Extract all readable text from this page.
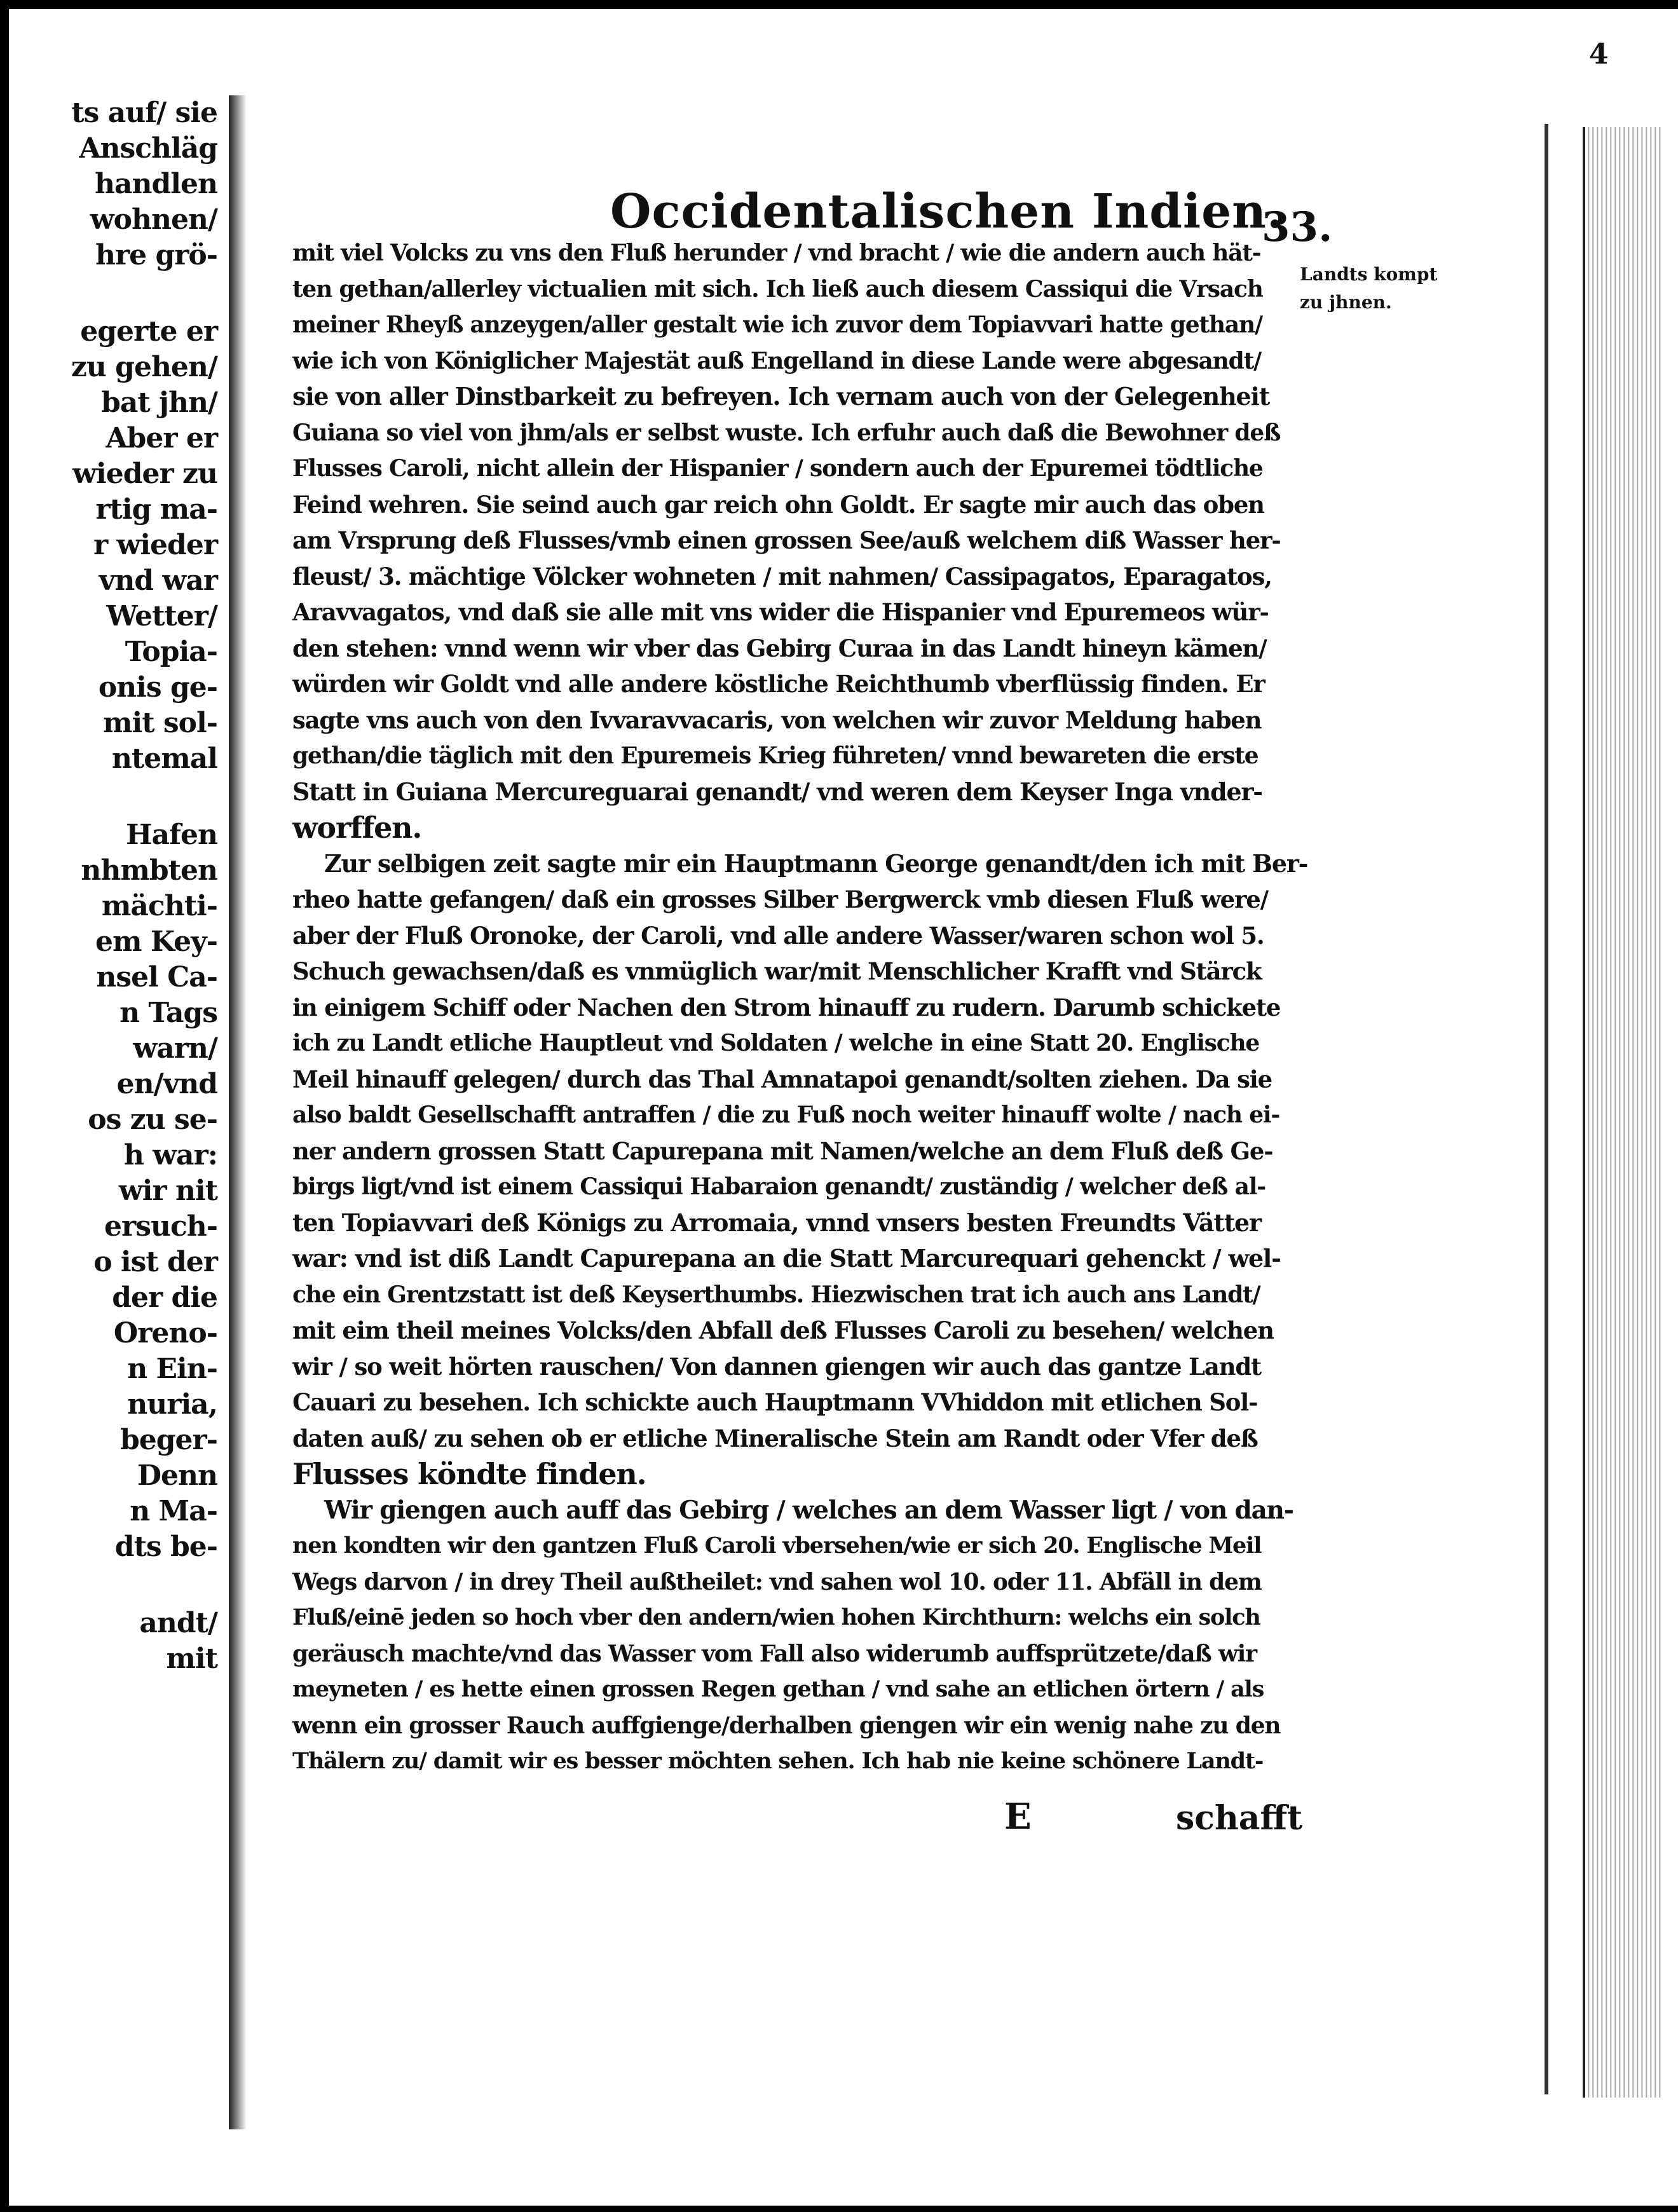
ts auf/ sie
Anschläg
handlen
wohnen/
hre grö-
egerte er
zu gehen/
bat jhn/
Aber er
wieder zu
rtig ma-
r wieder
vnd war
Wetter/
Topia-
onis ge-
mit sol-
ntemal
Hafen
nhmbten
mächti-
em Key-
nsel Ca-
n Tags
warn/
en/vnd
os zu se-
h war:
wir nit
ersuch-
o ist der
der die
Oreno-
n Ein-
nuria,
beger-
Denn
n Ma-
dts be-
andt/
mit
4
Occidentalischen Indien.
33.
Landts kompt
zu jhnen.
mit viel Volcks zu vns den Fluß herunder / vnd bracht / wie die andern auch hät-
ten gethan/allerley victualien mit sich. Ich ließ auch diesem Cassiqui die Vrsach
meiner Rheyß anzeygen/aller gestalt wie ich zuvor dem Topiavvari hatte gethan/
wie ich von Königlicher Majestät auß Engelland in diese Lande were abgesandt/
sie von aller Dinstbarkeit zu befreyen. Ich vernam auch von der Gelegenheit
Guiana so viel von jhm/als er selbst wuste. Ich erfuhr auch daß die Bewohner deß
Flusses Caroli, nicht allein der Hispanier / sondern auch der Epuremei tödtliche
Feind wehren. Sie seind auch gar reich ohn Goldt. Er sagte mir auch das oben
am Vrsprung deß Flusses/vmb einen grossen See/auß welchem diß Wasser her-
fleust/ 3. mächtige Völcker wohneten / mit nahmen/ Cassipagatos, Eparagatos,
Aravvagatos, vnd daß sie alle mit vns wider die Hispanier vnd Epuremeos wür-
den stehen: vnnd wenn wir vber das Gebirg Curaa in das Landt hineyn kämen/
würden wir Goldt vnd alle andere köstliche Reichthumb vberflüssig finden. Er
sagte vns auch von den Ivvaravvacaris, von welchen wir zuvor Meldung haben
gethan/die täglich mit den Epuremeis Krieg führeten/ vnnd bewareten die erste
Statt in Guiana Mercureguarai genandt/ vnd weren dem Keyser Inga vnder-
worffen.
Zur selbigen zeit sagte mir ein Hauptmann George genandt/den ich mit Ber-
rheo hatte gefangen/ daß ein grosses Silber Bergwerck vmb diesen Fluß were/
aber der Fluß Oronoke, der Caroli, vnd alle andere Wasser/waren schon wol 5.
Schuch gewachsen/daß es vnmüglich war/mit Menschlicher Krafft vnd Stärck
in einigem Schiff oder Nachen den Strom hinauff zu rudern. Darumb schickete
ich zu Landt etliche Hauptleut vnd Soldaten / welche in eine Statt 20. Englische
Meil hinauff gelegen/ durch das Thal Amnatapoi genandt/solten ziehen. Da sie
also baldt Gesellschafft antraffen / die zu Fuß noch weiter hinauff wolte / nach ei-
ner andern grossen Statt Capurepana mit Namen/welche an dem Fluß deß Ge-
birgs ligt/vnd ist einem Cassiqui Habaraion genandt/ zuständig / welcher deß al-
ten Topiavvari deß Königs zu Arromaia, vnnd vnsers besten Freundts Vätter
war: vnd ist diß Landt Capurepana an die Statt Marcurequari gehenckt / wel-
che ein Grentzstatt ist deß Keyserthumbs. Hiezwischen trat ich auch ans Landt/
mit eim theil meines Volcks/den Abfall deß Flusses Caroli zu besehen/ welchen
wir / so weit hörten rauschen/ Von dannen giengen wir auch das gantze Landt
Cauari zu besehen. Ich schickte auch Hauptmann VVhiddon mit etlichen Sol-
daten auß/ zu sehen ob er etliche Mineralische Stein am Randt oder Vfer deß
Flusses köndte finden.
Wir giengen auch auff das Gebirg / welches an dem Wasser ligt / von dan-
nen kondten wir den gantzen Fluß Caroli vbersehen/wie er sich 20. Englische Meil
Wegs darvon / in drey Theil außtheilet: vnd sahen wol 10. oder 11. Abfäll in dem
Fluß/einē jeden so hoch vber den andern/wien hohen Kirchthurn: welchs ein solch
geräusch machte/vnd das Wasser vom Fall also widerumb auffsprützete/daß wir
meyneten / es hette einen grossen Regen gethan / vnd sahe an etlichen örtern / als
wenn ein grosser Rauch auffgienge/derhalben giengen wir ein wenig nahe zu den
Thälern zu/ damit wir es besser möchten sehen. Ich hab nie keine schönere Landt-
E	schafft
